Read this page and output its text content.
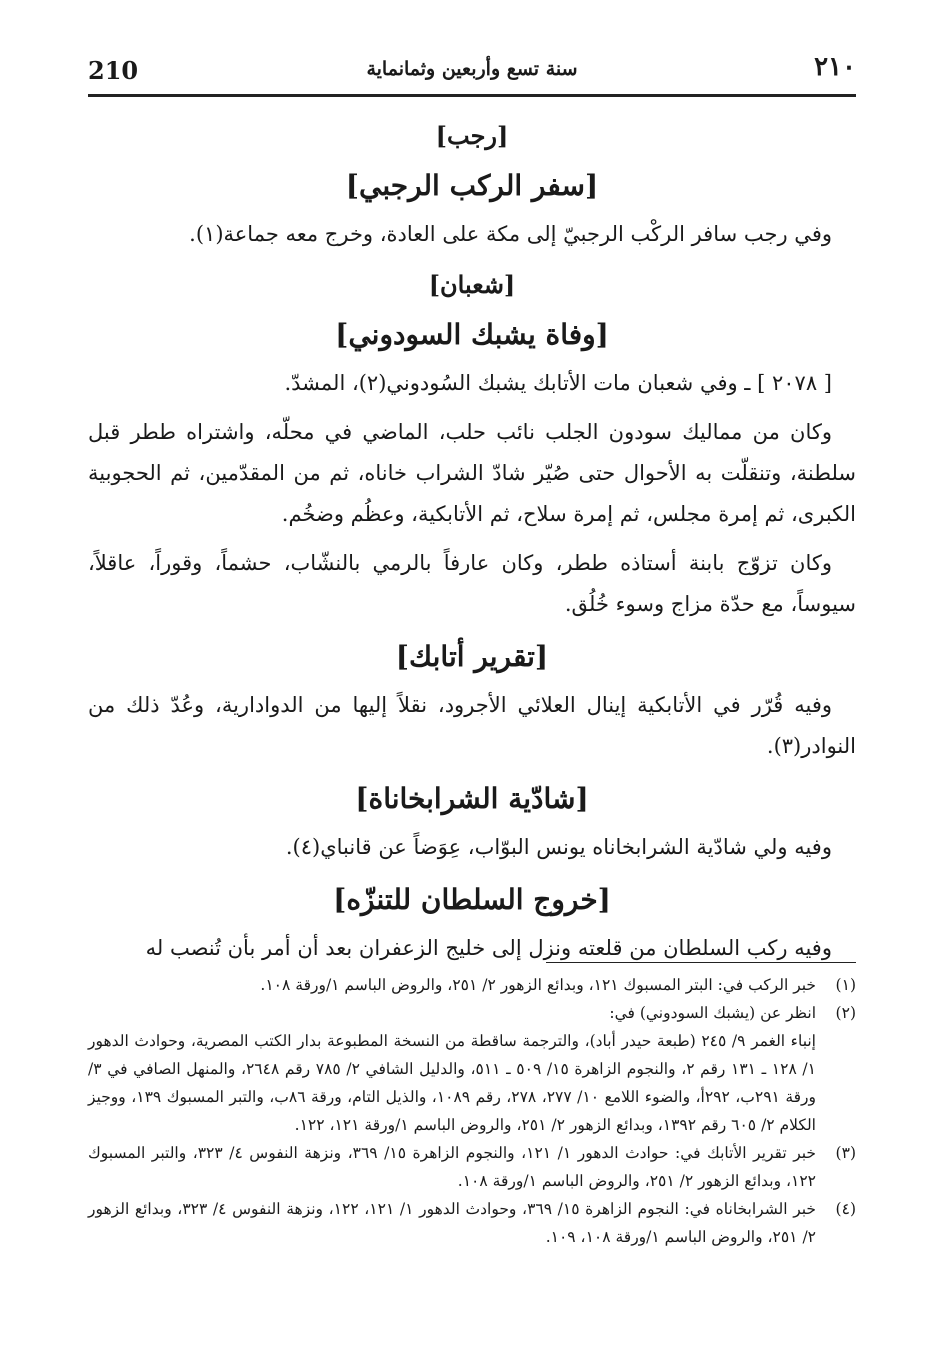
210	سنة تسع وأربعين وثمانماية	٢١٠
[رجب]
[سفر الركب الرجبي]

وفي رجب سافر الركْب الرجبيّ إلى مكة على العادة، وخرج معه جماعة(١).

[شعبان]
[وفاة يشبك السودوني]

[ ٢٠٧٨ ] ـ وفي شعبان مات الأتابك يشبك السُودوني(٢)، المشدّ.

وكان من مماليك سودون الجلب نائب حلب، الماضي في محلّه، واشتراه ططر قبل سلطنة، وتنقلّت به الأحوال حتى صُيّر شادّ الشراب خاناه، ثم من المقدّمين، ثم الحجوبية الكبرى، ثم إمرة مجلس، ثم إمرة سلاح، ثم الأتابكية، وعظُم وضخُم.

وكان تزوّج بابنة أستاذه ططر، وكان عارفاً بالرمي بالنشّاب، حشماً، وقوراً، عاقلاً، سيوساً، مع حدّة مزاج وسوء خُلُق.

[تقرير أتابك]

وفيه قُرّر في الأتابكية إينال العلائي الأجرود، نقلاً إليها من الدوادارية، وعُدّ ذلك من النوادر(٣).

[شادّية الشرابخاناة]

وفيه ولي شادّية الشرابخاناه يونس البوّاب، عِوَضاً عن قانباي(٤).

[خروج السلطان للتنزّه]

وفيه ركب السلطان من قلعته ونزل إلى خليج الزعفران بعد أن أمر بأن تُنصب له

(١)

خبر الركب في: البتر المسبوك ١٢١، وبدائع الزهور ٢/ ٢٥١، والروض الباسم ١/ورقة ١٠٨.

(٢)

انظر عن (يشبك السودوني) في:

إنباء الغمر ٩/ ٢٤٥ (طبعة حيدر أباد)، والترجمة ساقطة من النسخة المطبوعة بدار الكتب المصرية، وحوادث الدهور ١/ ١٢٨ ـ ١٣١ رقم ٢، والنجوم الزاهرة ١٥/ ٥٠٩ ـ ٥١١، والدليل الشافي ٢/ ٧٨٥ رقم ٢٦٤٨، والمنهل الصافي في ٣/ورقة ٢٩١ب، ٢٩٢أ، والضوء اللامع ١٠/ ٢٧٧، ٢٧٨، رقم ١٠٨٩، والذيل التام، ورقة ٨٦ب، والتبر المسبوك ١٣٩، ووجيز الكلام ٢/ ٦٠٥ رقم ١٣٩٢، وبدائع الزهور ٢/ ٢٥١، والروض الباسم ١/ورقة ١٢١، ١٢٢.

(٣)

خبر تقرير الأتابك في: حوادث الدهور ١/ ١٢١، والنجوم الزاهرة ١٥/ ٣٦٩، ونزهة النفوس ٤/ ٣٢٣، والتبر المسبوك ١٢٢، وبدائع الزهور ٢/ ٢٥١، والروض الباسم ١/ورقة ١٠٨.

(٤)

خبر الشرابخاناه في: النجوم الزاهرة ١٥/ ٣٦٩، وحوادث الدهور ١/ ١٢١، ١٢٢، ونزهة النفوس ٤/ ٣٢٣، وبدائع الزهور ٢/ ٢٥١، والروض الباسم ١/ورقة ١٠٨، ١٠٩.
